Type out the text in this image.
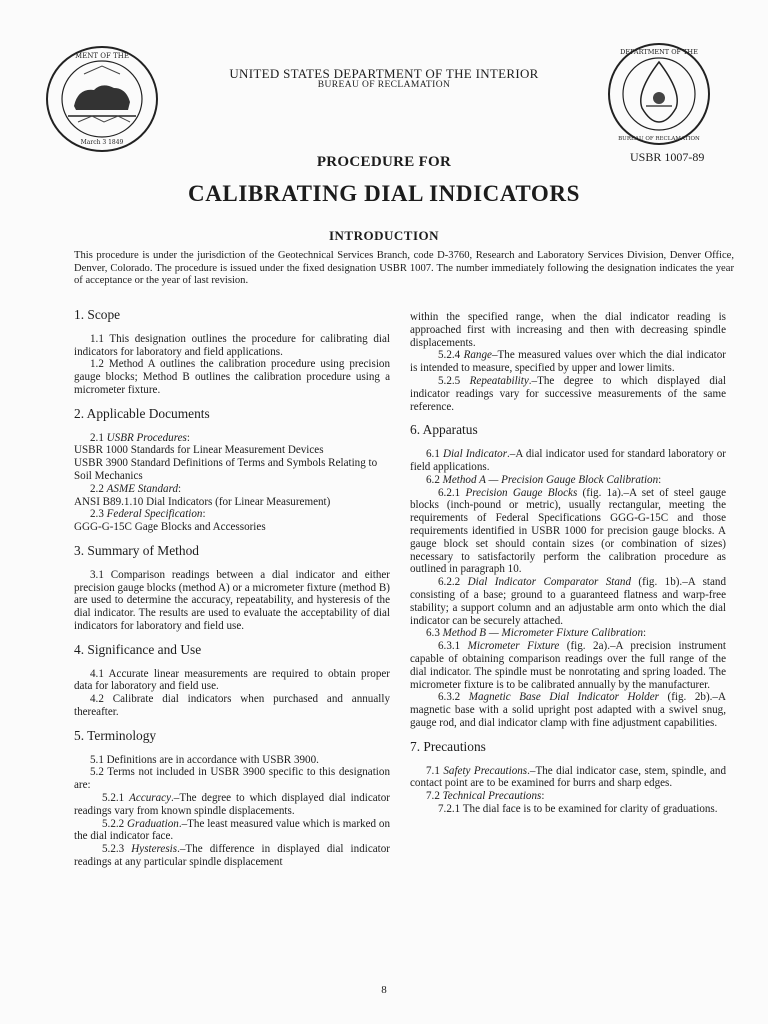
MENT OF THE
March 3 1849
DEPARTMENT OF THE
BUREAU OF RECLAMATION
UNITED STATES DEPARTMENT OF THE INTERIOR
BUREAU OF RECLAMATION
USBR 1007-89
PROCEDURE FOR
CALIBRATING DIAL INDICATORS
INTRODUCTION
This procedure is under the jurisdiction of the Geotechnical Services Branch, code D-3760, Research and Laboratory Services Division, Denver Office, Denver, Colorado. The procedure is issued under the fixed designation USBR 1007. The number immediately following the designation indicates the year of acceptance or the year of last revision.
1. Scope

1.1 This designation outlines the procedure for calibrating dial indicators for laboratory and field applications.

1.2 Method A outlines the calibration procedure using precision gauge blocks; Method B outlines the calibration procedure using a micrometer fixture.

2. Applicable Documents

2.1 USBR Procedures:

USBR 1000 Standards for Linear Measurement Devices

USBR 3900 Standard Definitions of Terms and Symbols Relating to Soil Mechanics

2.2 ASME Standard:

ANSI B89.1.10 Dial Indicators (for Linear Measurement)

2.3 Federal Specification:

GGG-G-15C Gage Blocks and Accessories

3. Summary of Method

3.1 Comparison readings between a dial indicator and either precision gauge blocks (method A) or a micrometer fixture (method B) are used to determine the accuracy, repeatability, and hysteresis of the dial indicator. The results are used to evaluate the acceptability of dial indicators for laboratory and field use.

4. Significance and Use

4.1 Accurate linear measurements are required to obtain proper data for laboratory and field use.

4.2 Calibrate dial indicators when purchased and annually thereafter.

5. Terminology

5.1 Definitions are in accordance with USBR 3900.

5.2 Terms not included in USBR 3900 specific to this designation are:

5.2.1 Accuracy.–The degree to which displayed dial indicator readings vary from known spindle displacements.

5.2.2 Graduation.–The least measured value which is marked on the dial indicator face.

5.2.3 Hysteresis.–The difference in displayed dial indicator readings at any particular spindle displacement

within the specified range, when the dial indicator reading is approached first with increasing and then with decreasing spindle displacements.

5.2.4 Range–The measured values over which the dial indicator is intended to measure, specified by upper and lower limits.

5.2.5 Repeatability.–The degree to which displayed dial indicator readings vary for successive measurements of the same reference.

6. Apparatus

6.1 Dial Indicator.–A dial indicator used for standard laboratory or field applications.

6.2 Method A — Precision Gauge Block Calibration:

6.2.1 Precision Gauge Blocks (fig. 1a).–A set of steel gauge blocks (inch-pound or metric), usually rectangular, meeting the requirements of Federal Specifications GGG-G-15C and those requirements identified in USBR 1000 for precision gauge blocks. A gauge block set should contain sizes (or combination of sizes) necessary to satisfactorily perform the calibration procedure as outlined in paragraph 10.

6.2.2 Dial Indicator Comparator Stand (fig. 1b).–A stand consisting of a base; ground to a guaranteed flatness and warp-free stability; a support column and an adjustable arm onto which the dial indicator can be securely attached.

6.3 Method B — Micrometer Fixture Calibration:

6.3.1 Micrometer Fixture (fig. 2a).–A precision instrument capable of obtaining comparison readings over the full range of the dial indicator. The spindle must be nonrotating and spring loaded. The micrometer fixture is to be calibrated annually by the manufacturer.

6.3.2 Magnetic Base Dial Indicator Holder (fig. 2b).–A magnetic base with a solid upright post adapted with a swivel snug, gauge rod, and dial indicator clamp with fine adjustment capabilities.

7. Precautions

7.1 Safety Precautions.–The dial indicator case, stem, spindle, and contact point are to be examined for burrs and sharp edges.

7.2 Technical Precautions:

7.2.1 The dial face is to be examined for clarity of graduations.

8
